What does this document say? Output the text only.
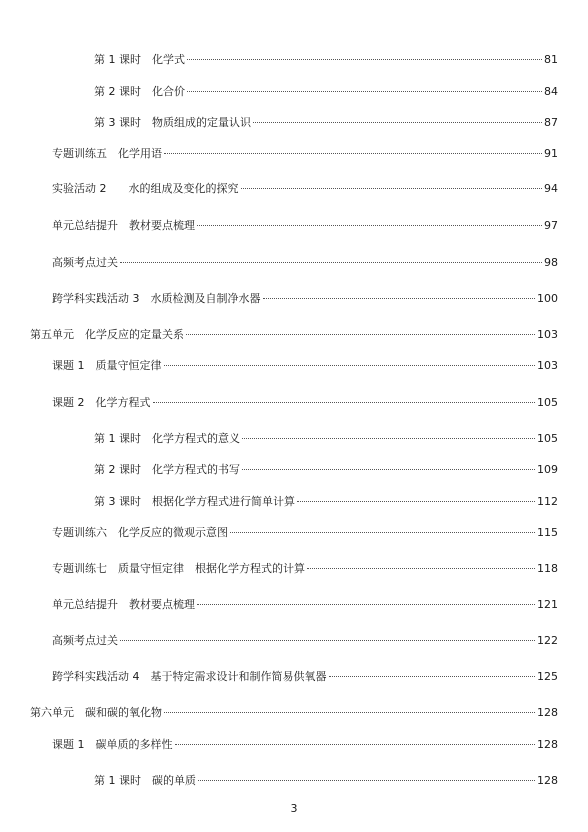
第 1 课时　化学式	81
第 2 课时　化合价	84
第 3 课时　物质组成的定量认识	87
专题训练五　化学用语	91
实验活动 2　　水的组成及变化的探究	94
单元总结提升　教材要点梳理	97
高频考点过关	98
跨学科实践活动 3　水质检测及自制净水器	100
第五单元　化学反应的定量关系	103
课题 1　质量守恒定律	103
课题 2　化学方程式	105
第 1 课时　化学方程式的意义	105
第 2 课时　化学方程式的书写	109
第 3 课时　根据化学方程式进行简单计算	112
专题训练六　化学反应的微观示意图	115
专题训练七　质量守恒定律　根据化学方程式的计算	118
单元总结提升　教材要点梳理	121
高频考点过关	122
跨学科实践活动 4　基于特定需求设计和制作简易供氧器	125
第六单元　碳和碳的氧化物	128
课题 1　碳单质的多样性	128
第 1 课时　碳的单质	128
3
